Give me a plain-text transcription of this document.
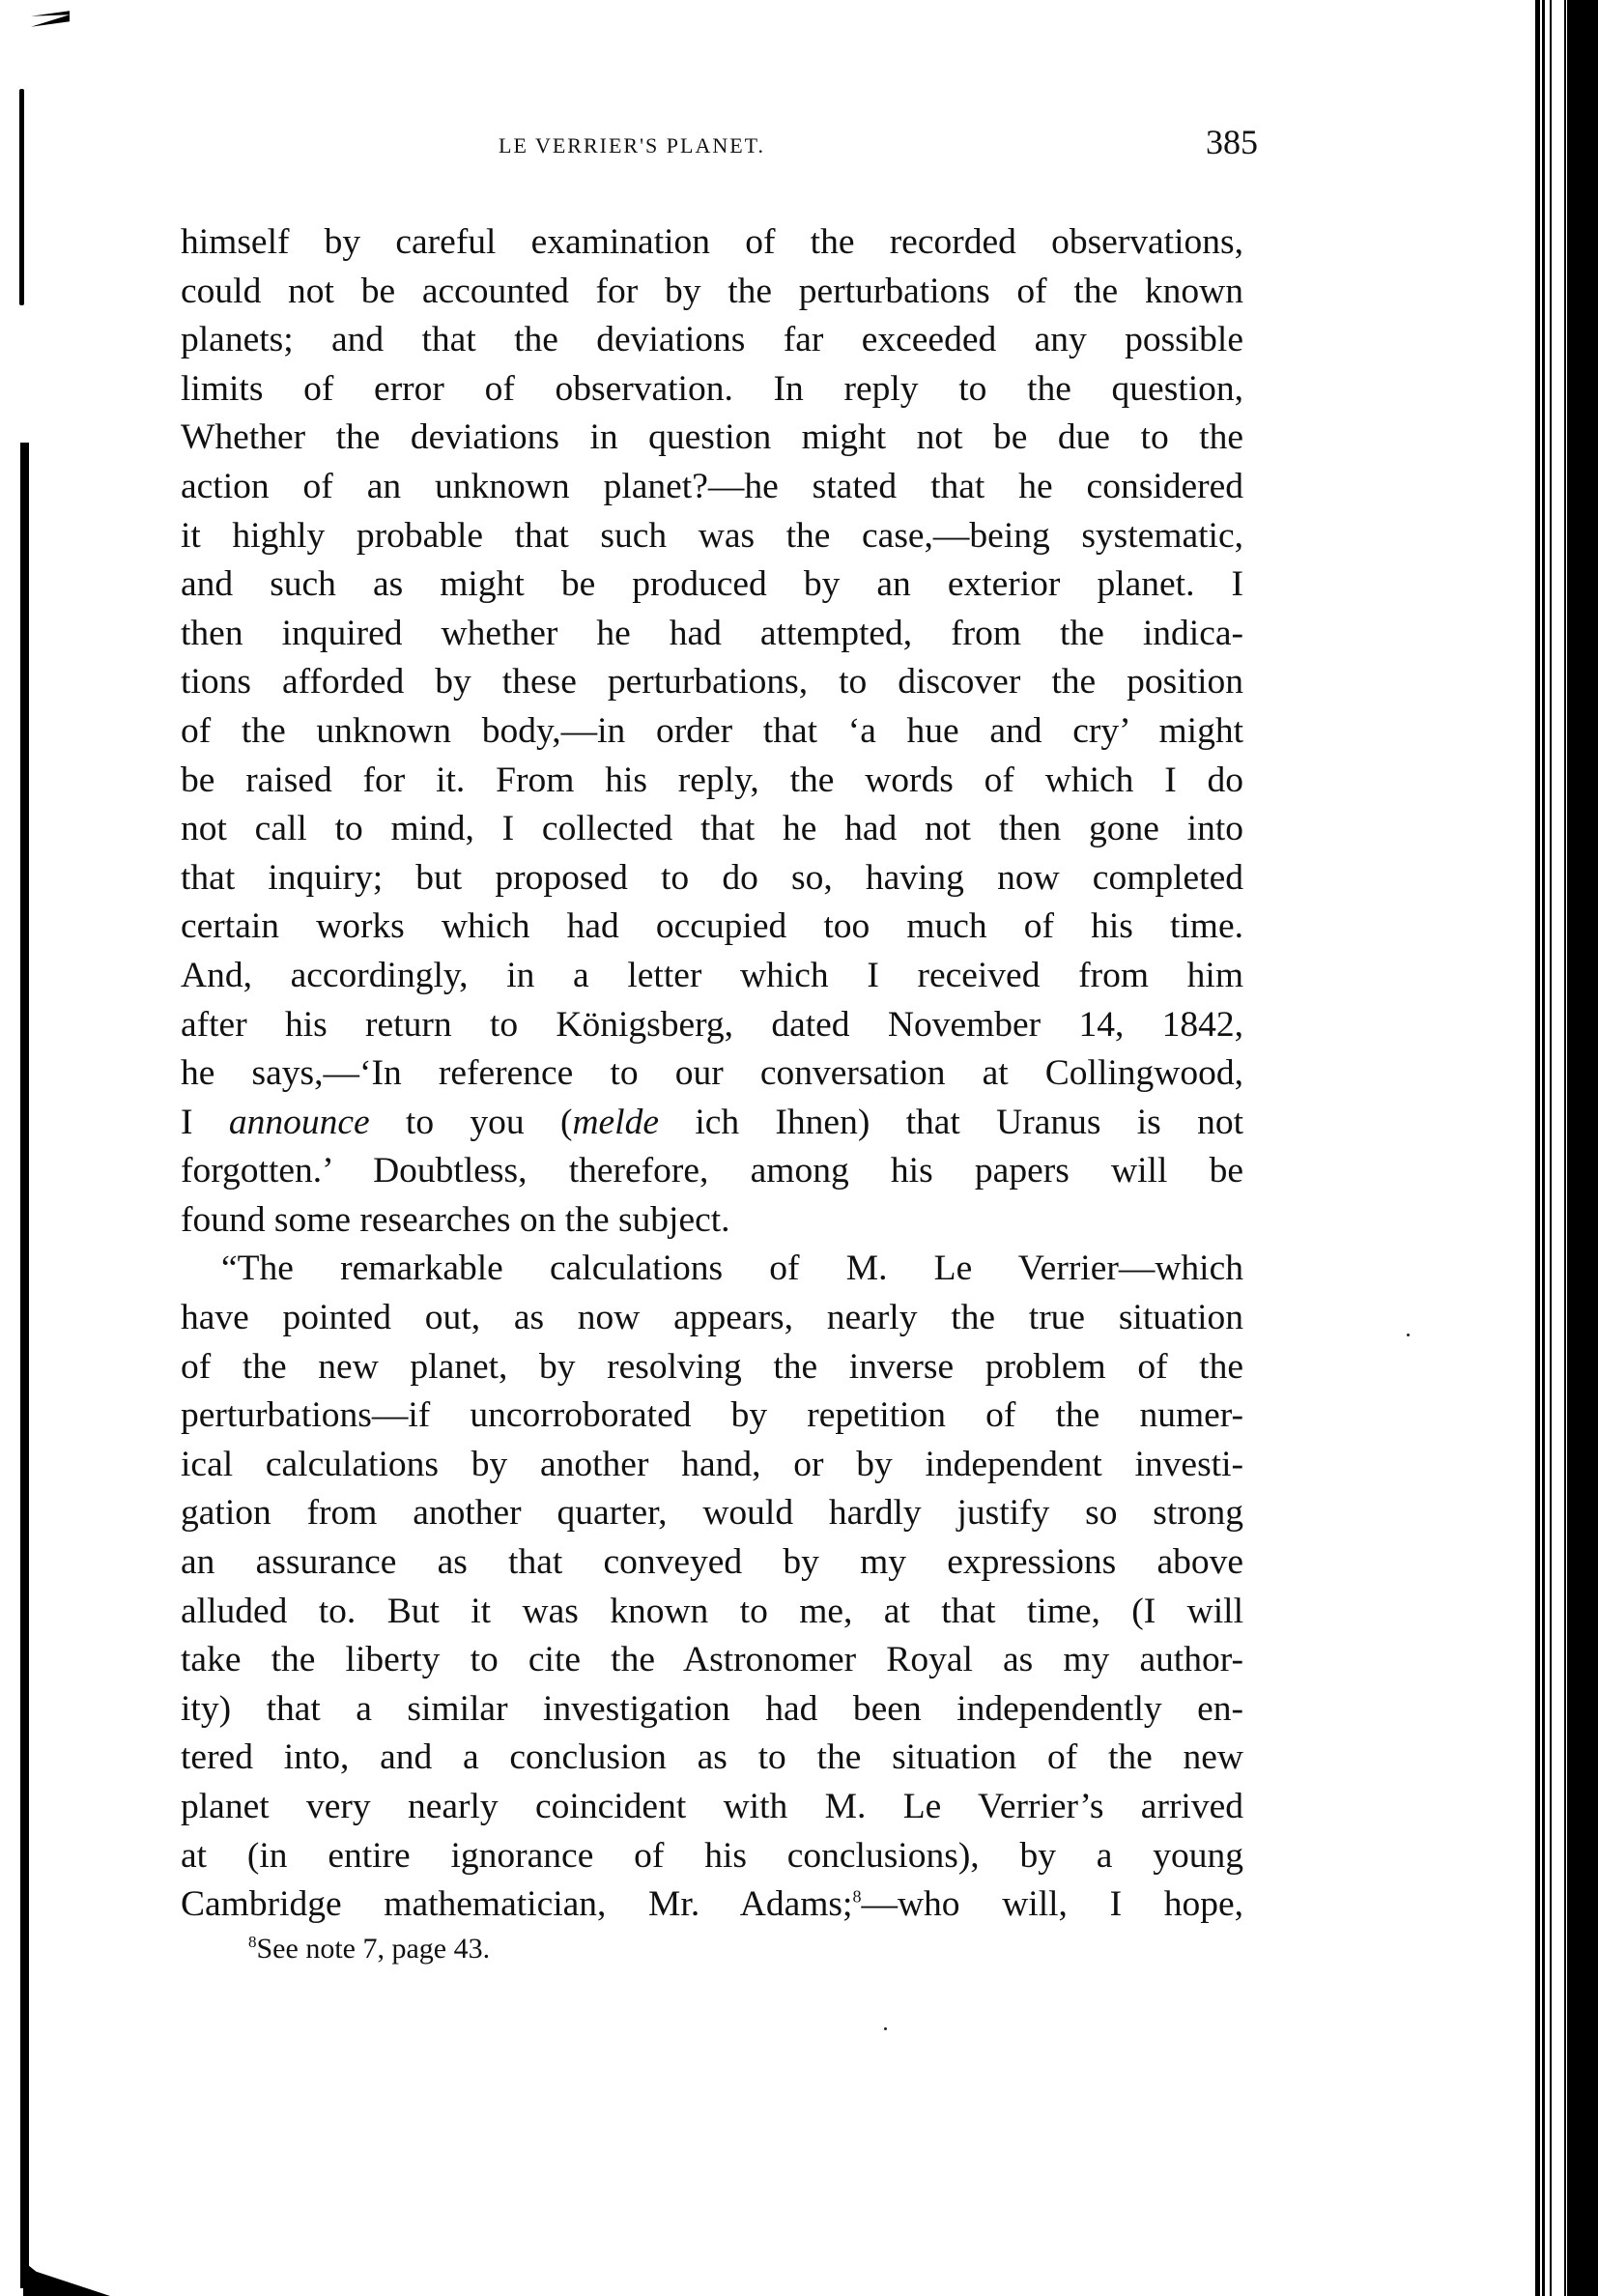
LE VERRIER'S PLANET.	385
himself by careful examination of the recorded observations,
could not be accounted for by the perturbations of the known
planets; and that the deviations far exceeded any possible
limits of error of observation. In reply to the question,
Whether the deviations in question might not be due to the
action of an unknown planet?—he stated that he considered
it highly probable that such was the case,—being systematic,
and such as might be produced by an exterior planet. I
then inquired whether he had attempted, from the indica-
tions afforded by these perturbations, to discover the position
of the unknown body,—in order that ‘a hue and cry’ might
be raised for it. From his reply, the words of which I do
not call to mind, I collected that he had not then gone into
that inquiry; but proposed to do so, having now completed
certain works which had occupied too much of his time.
And, accordingly, in a letter which I received from him
after his return to Königsberg, dated November 14, 1842,
he says,—‘In reference to our conversation at Collingwood,
I announce to you (melde ich Ihnen) that Uranus is not
forgotten.’ Doubtless, therefore, among his papers will be
found some researches on the subject.
“The remarkable calculations of M. Le Verrier—which
have pointed out, as now appears, nearly the true situation
of the new planet, by resolving the inverse problem of the
perturbations—if uncorroborated by repetition of the numer-
ical calculations by another hand, or by independent investi-
gation from another quarter, would hardly justify so strong
an assurance as that conveyed by my expressions above
alluded to. But it was known to me, at that time, (I will
take the liberty to cite the Astronomer Royal as my author-
ity) that a similar investigation had been independently en-
tered into, and a conclusion as to the situation of the new
planet very nearly coincident with M. Le Verrier’s arrived
at (in entire ignorance of his conclusions), by a young
Cambridge mathematician, Mr. Adams;$^8$—who will, I hope,
$^8$See note 7, page 43.
